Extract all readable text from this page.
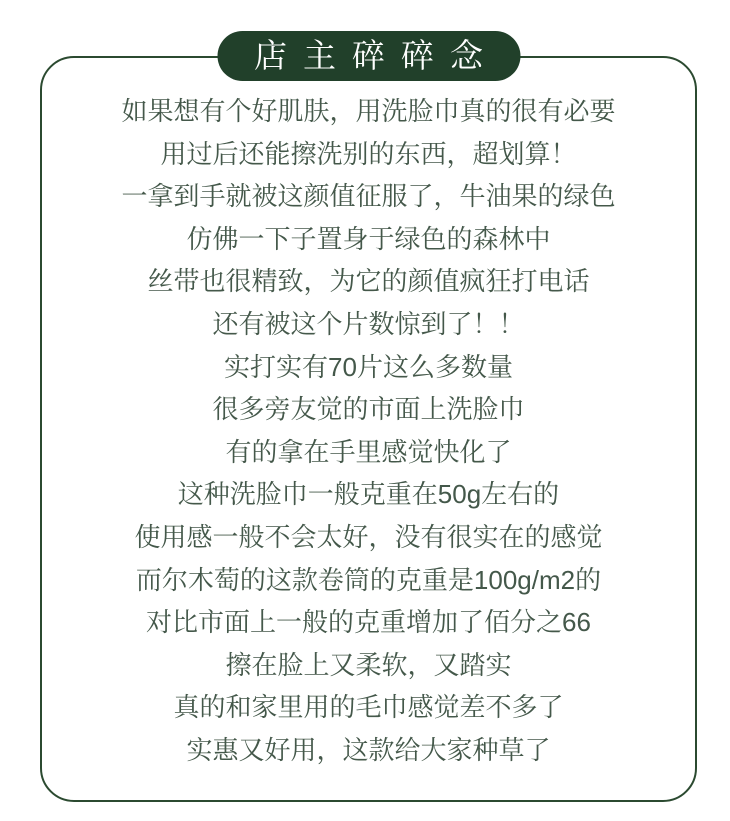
店主碎碎念
如果想有个好肌肤，用洗脸巾真的很有必要
用过后还能擦洗别的东西，超划算！
一拿到手就被这颜值征服了，牛油果的绿色
仿佛一下子置身于绿色的森林中
丝带也很精致，为它的颜值疯狂打电话
还有被这个片数惊到了！！
实打实有70片这么多数量
很多旁友觉的市面上洗脸巾
有的拿在手里感觉快化了
这种洗脸巾一般克重在50g左右的
使用感一般不会太好，没有很实在的感觉
而尔木萄的这款卷筒的克重是100g/m2的
对比市面上一般的克重增加了佰分之66
擦在脸上又柔软，又踏实
真的和家里用的毛巾感觉差不多了
实惠又好用，这款给大家种草了
